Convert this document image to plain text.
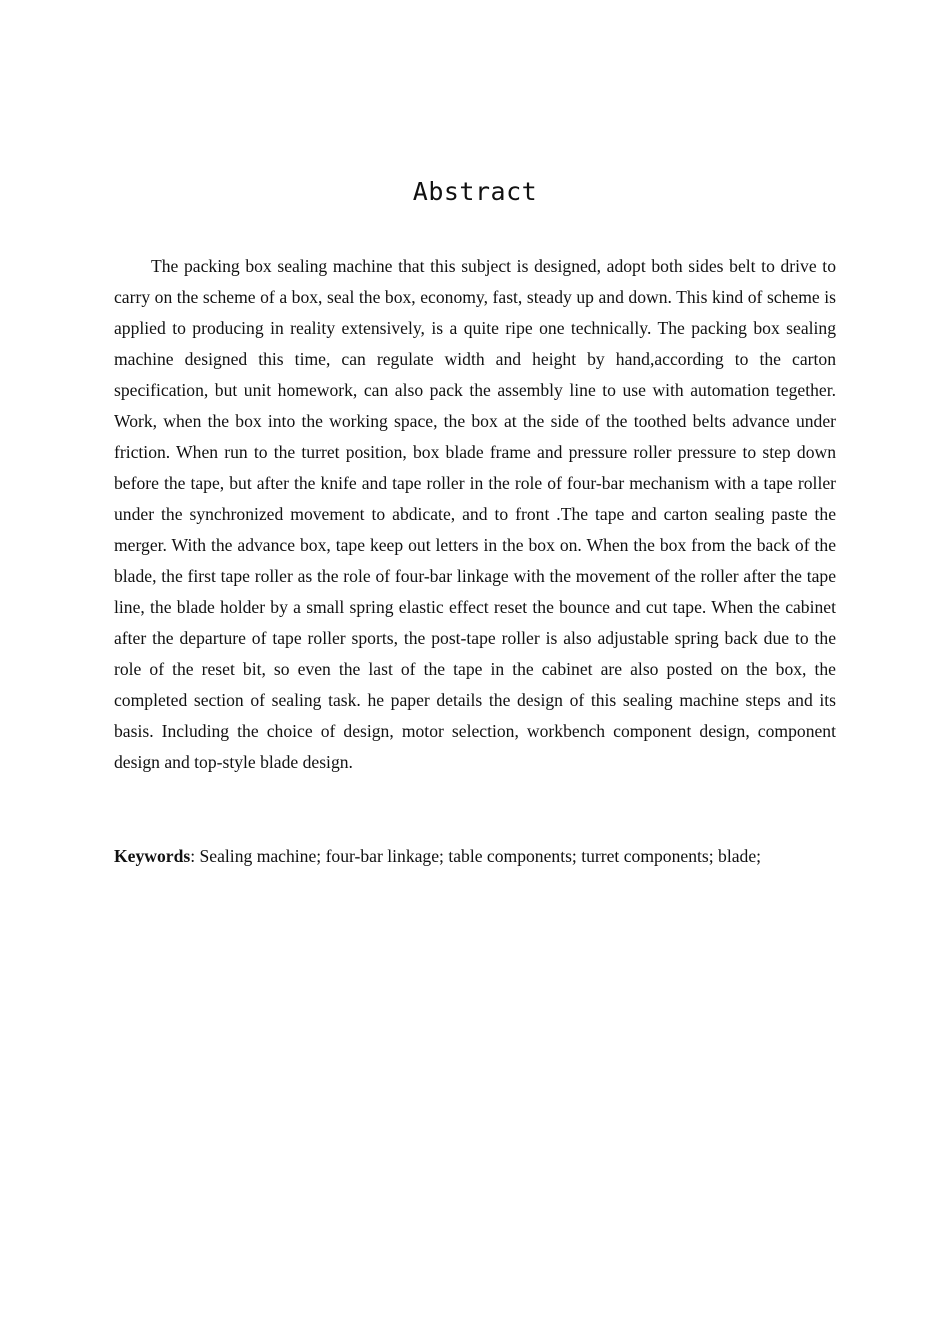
Abstract

The packing box sealing machine that this subject is designed, adopt both sides belt to drive to carry on the scheme of a box, seal the box, economy, fast, steady up and down. This kind of scheme is applied to producing in reality extensively, is a quite ripe one technically. The packing box sealing machine designed this time, can regulate width and height by hand,according to the carton specification, but unit homework, can also pack the assembly line to use with automation tegether. Work, when the box into the working space, the box at the side of the toothed belts advance under friction. When run to the turret position, box blade frame and pressure roller pressure to step down before the tape, but after the knife and tape roller in the role of four-bar mechanism with a tape roller under the synchronized movement to abdicate, and to front .The tape and carton sealing paste the merger. With the advance box, tape keep out letters in the box on. When the box from the back of the blade, the first tape roller as the role of four-bar linkage with the movement of the roller after the tape line, the blade holder by a small spring elastic effect reset the bounce and cut tape. When the cabinet after the departure of tape roller sports, the post-tape roller is also adjustable spring back due to the role of the reset bit, so even the last of the tape in the cabinet are also posted on the box, the completed section of sealing task. he paper details the design of this sealing machine steps and its basis. Including the choice of design, motor selection, workbench component design, component design and top-style blade design.

Keywords: Sealing machine; four-bar linkage; table components; turret components; blade;
